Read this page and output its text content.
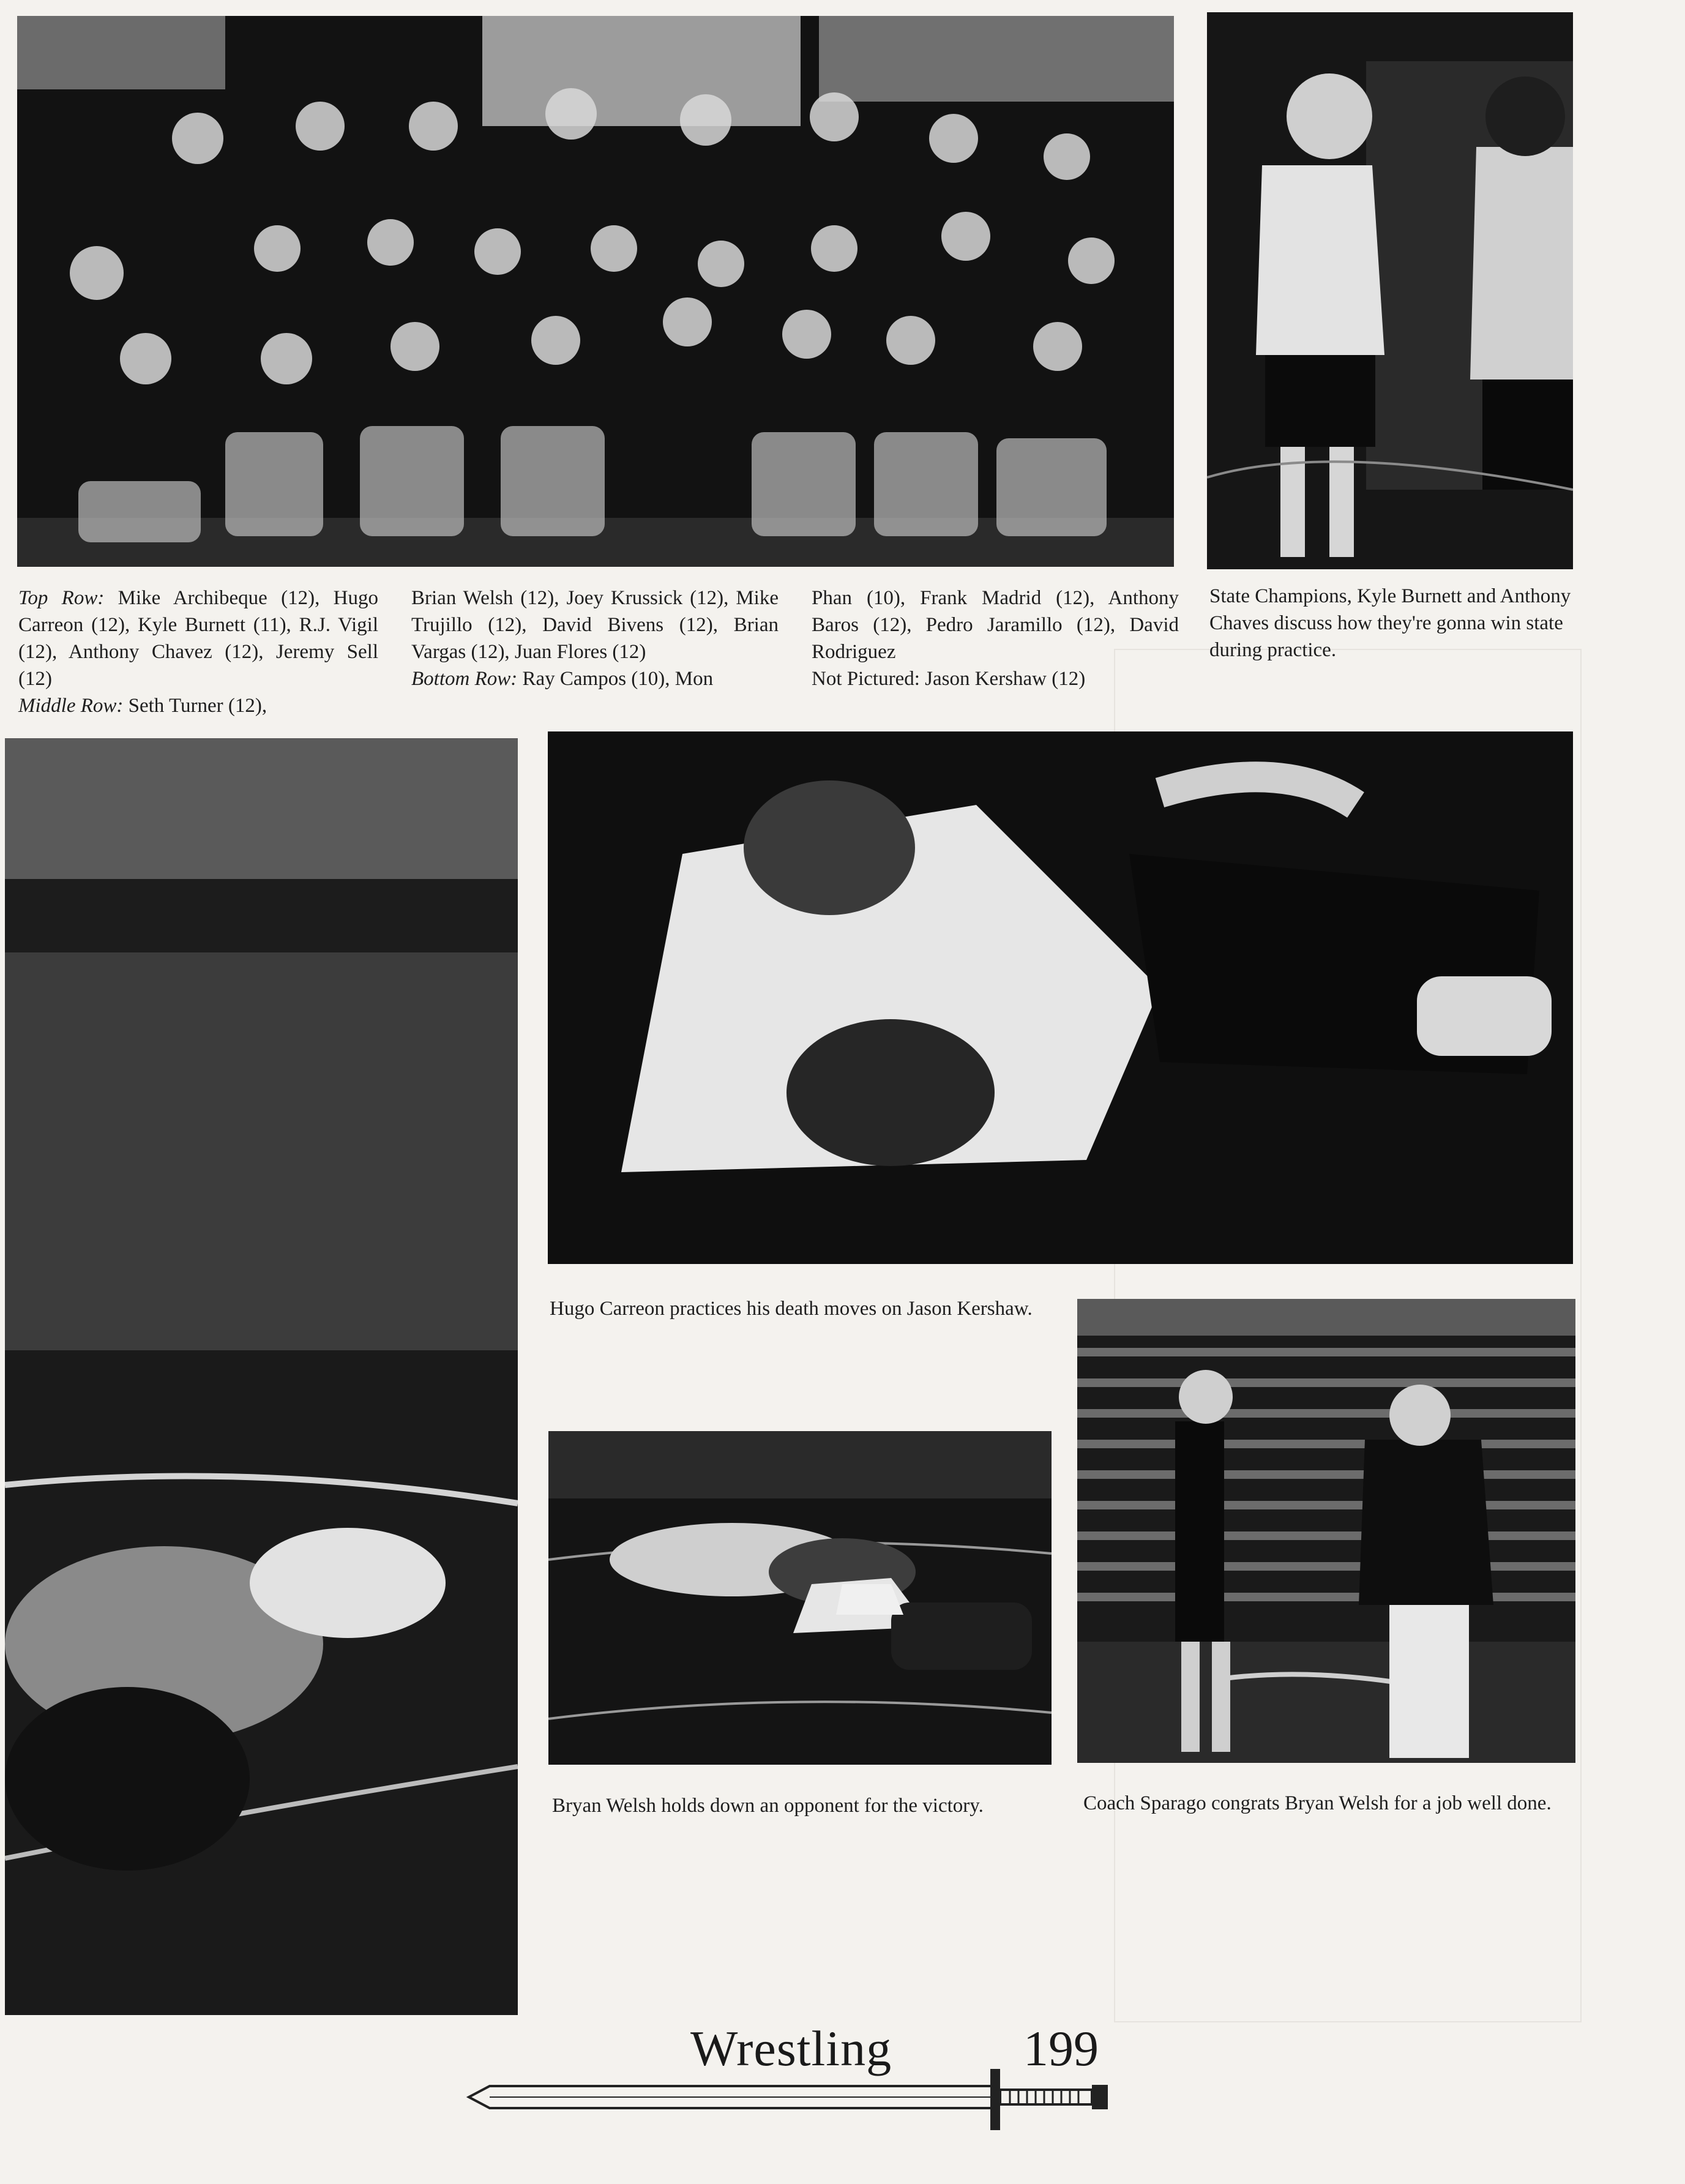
Top Row: Mike Archibeque (12), Hugo Carreon (12), Kyle Burnett (11), R.J. Vigil (12), Anthony Chavez (12), Jeremy Sell (12)
Middle Row: Seth Turner (12),
Brian Welsh (12), Joey Krussick (12), Mike Trujillo (12), David Bivens (12), Brian Vargas (12), Juan Flores (12)
Bottom Row: Ray Campos (10), Mon
Phan (10), Frank Madrid (12), Anthony Baros (12), Pedro Jaramillo (12), David Rodriguez
Not Pictured: Jason Kershaw (12)
State Champions, Kyle Burnett and Anthony Chaves discuss how they're gonna win state during practice.
Hugo Carreon practices his death moves on Jason Kershaw.
Bryan Welsh holds down an opponent for the victory.	Coach Sparago congrats Bryan Welsh for a job well done.
Wrestling	199
